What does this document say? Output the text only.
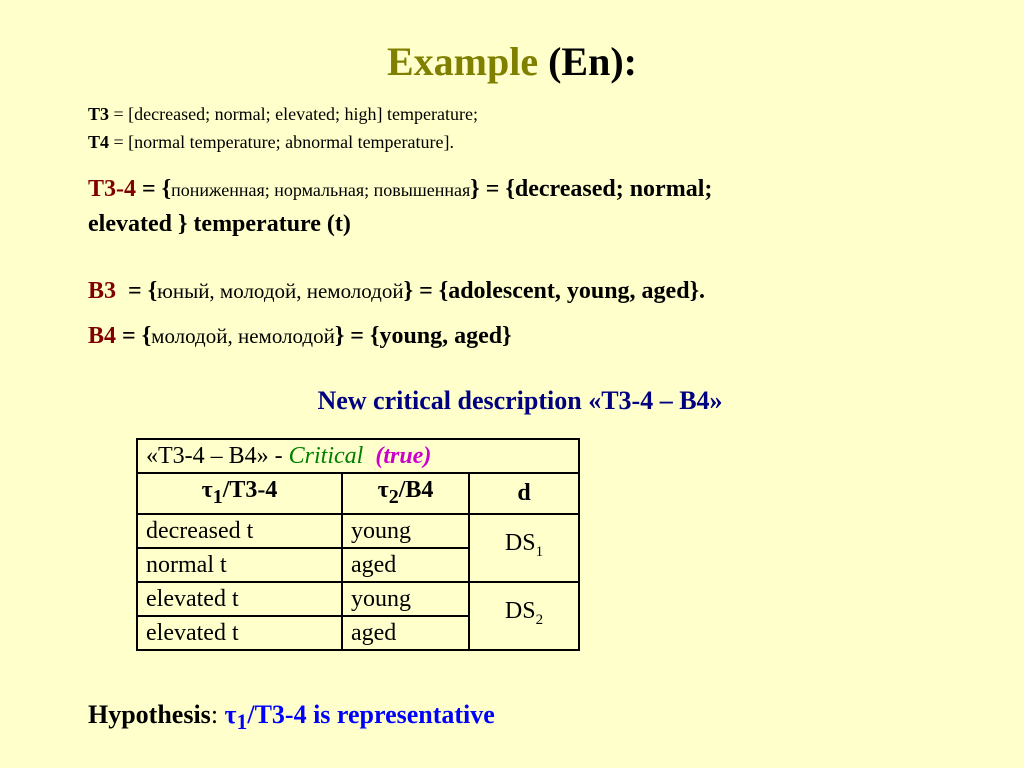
Example (En):
T3 = [decreased; normal; elevated; high] temperature;
T4 = [normal temperature; abnormal temperature].
T3-4 = {пониженная; нормальная; повышенная} = {decreased; normal;
elevated } temperature (t)
B3  = {юный, молодой, немолодой} = {adolescent, young, aged}.
B4 = {молодой, немолодой} = {young, aged}
New critical description «T3-4 – B4»
«T3-4 – B4» - Critical (true)		
$\tau_1/T3-4$	$\tau_2/B4$	d
decreased t	young	$DS_1$
normal t	aged	
elevated t	young	$DS_2$
elevated t	aged	
Hypothesis: $\tau_1/T3-4$ is representative
